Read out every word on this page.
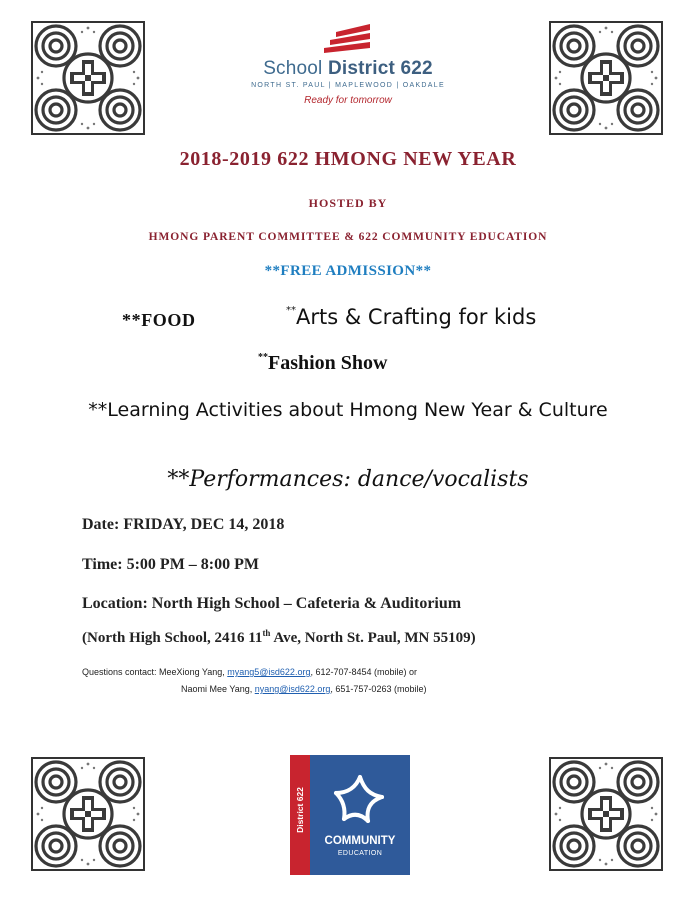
School District 622
NORTH ST. PAUL | MAPLEWOOD | OAKDALE
Ready for tomorrow
2018-2019 622 HMONG NEW YEAR
HOSTED BY
HMONG PARENT COMMITTEE & 622 COMMUNITY EDUCATION
**FREE ADMISSION**
**FOOD	**Arts & Crafting for kids
**Fashion Show
**Learning Activities about Hmong New Year & Culture
**Performances: dance/vocalists
Date: FRIDAY, DEC 14, 2018
Time: 5:00 PM – 8:00 PM
Location: North High School – Cafeteria & Auditorium
(North High School, 2416 11th Ave, North St. Paul, MN 55109)
Questions contact: MeeXiong Yang, myang5@isd622.org, 612-707-8454 (mobile) or
Naomi Mee Yang, nyang@isd622.org, 651-757-0263 (mobile)
District 622
COMMUNITY
EDUCATION
